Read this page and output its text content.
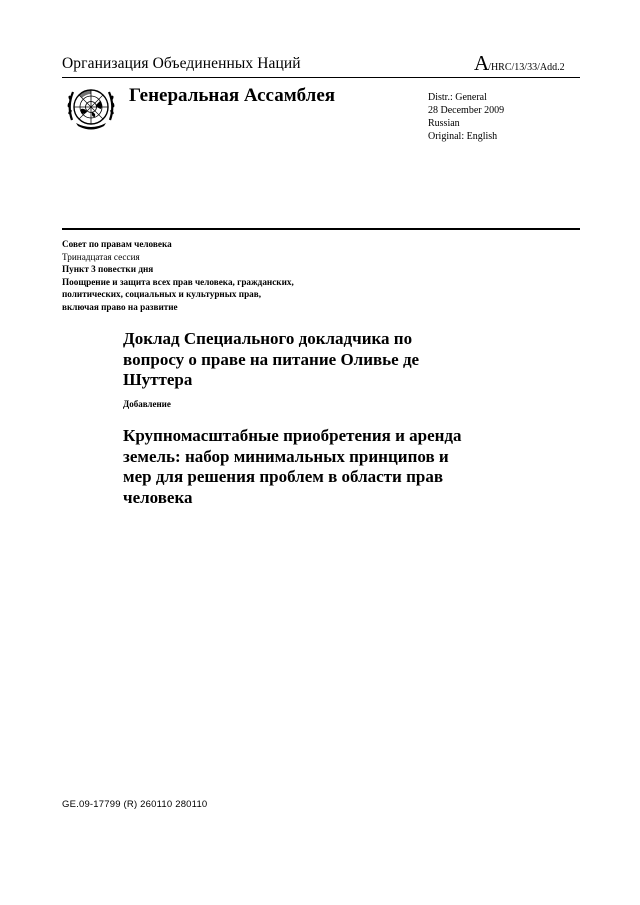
Организация Объединенных Наций	A/HRC/13/33/Add.2
Генеральная Ассамблея	Distr.: General
28 December 2009
Russian
Original: English
Совет по правам человека
Тринадцатая сессия
Пункт 3 повестки дня
Поощрение и защита всех прав человека, гражданских,
политических, социальных и культурных прав,
включая право на развитие
Доклад Специального докладчика по
вопросу о праве на питание Оливье де
Шуттера
Добавление
Крупномасштабные приобретения и аренда
земель: набор минимальных принципов и
мер для решения проблем в области прав
человека
GE.09-17799 (R) 260110 280110
